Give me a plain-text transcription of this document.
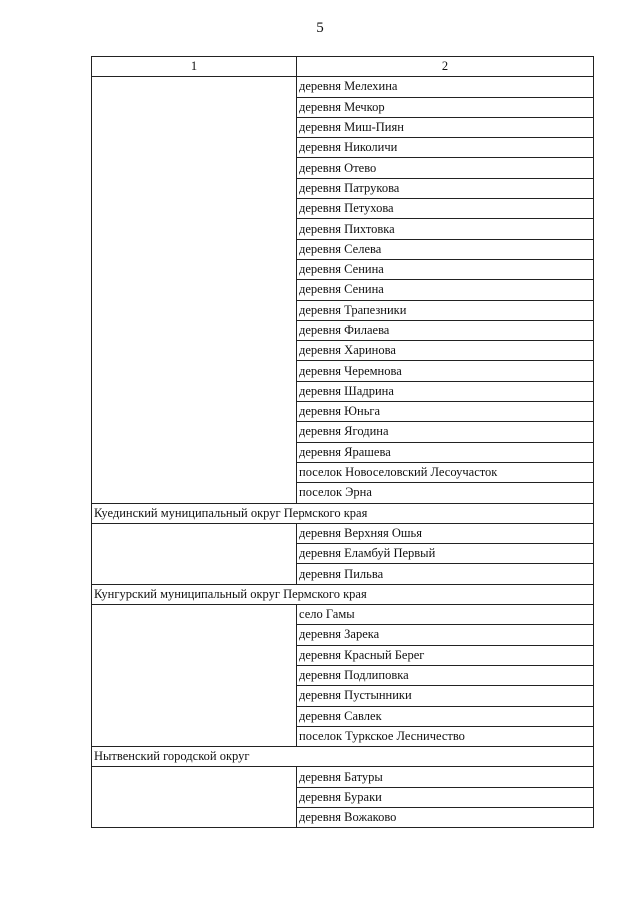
5
1	2
	деревня Мелехина
	деревня Мечкор
	деревня Миш-Пиян
	деревня Николичи
	деревня Отево
	деревня Патрукова
	деревня Петухова
	деревня Пихтовка
	деревня Селева
	деревня Сенина
	деревня Сенина
	деревня Трапезники
	деревня Филаева
	деревня Харинова
	деревня Черемнова
	деревня Шадрина
	деревня Юньга
	деревня Ягодина
	деревня Ярашева
	поселок Новоселовский Лесоучасток
	поселок Эрна
Куединский муниципальный округ Пермского края	
	деревня Верхняя Ошья
	деревня Еламбуй Первый
	деревня Пильва
Кунгурский муниципальный округ Пермского края	
	село Гамы
	деревня Зарека
	деревня Красный Берег
	деревня Подлиповка
	деревня Пустынники
	деревня Савлек
	поселок Туркское Лесничество
Нытвенский городской округ	
	деревня Батуры
	деревня Бураки
	деревня Вожаково
